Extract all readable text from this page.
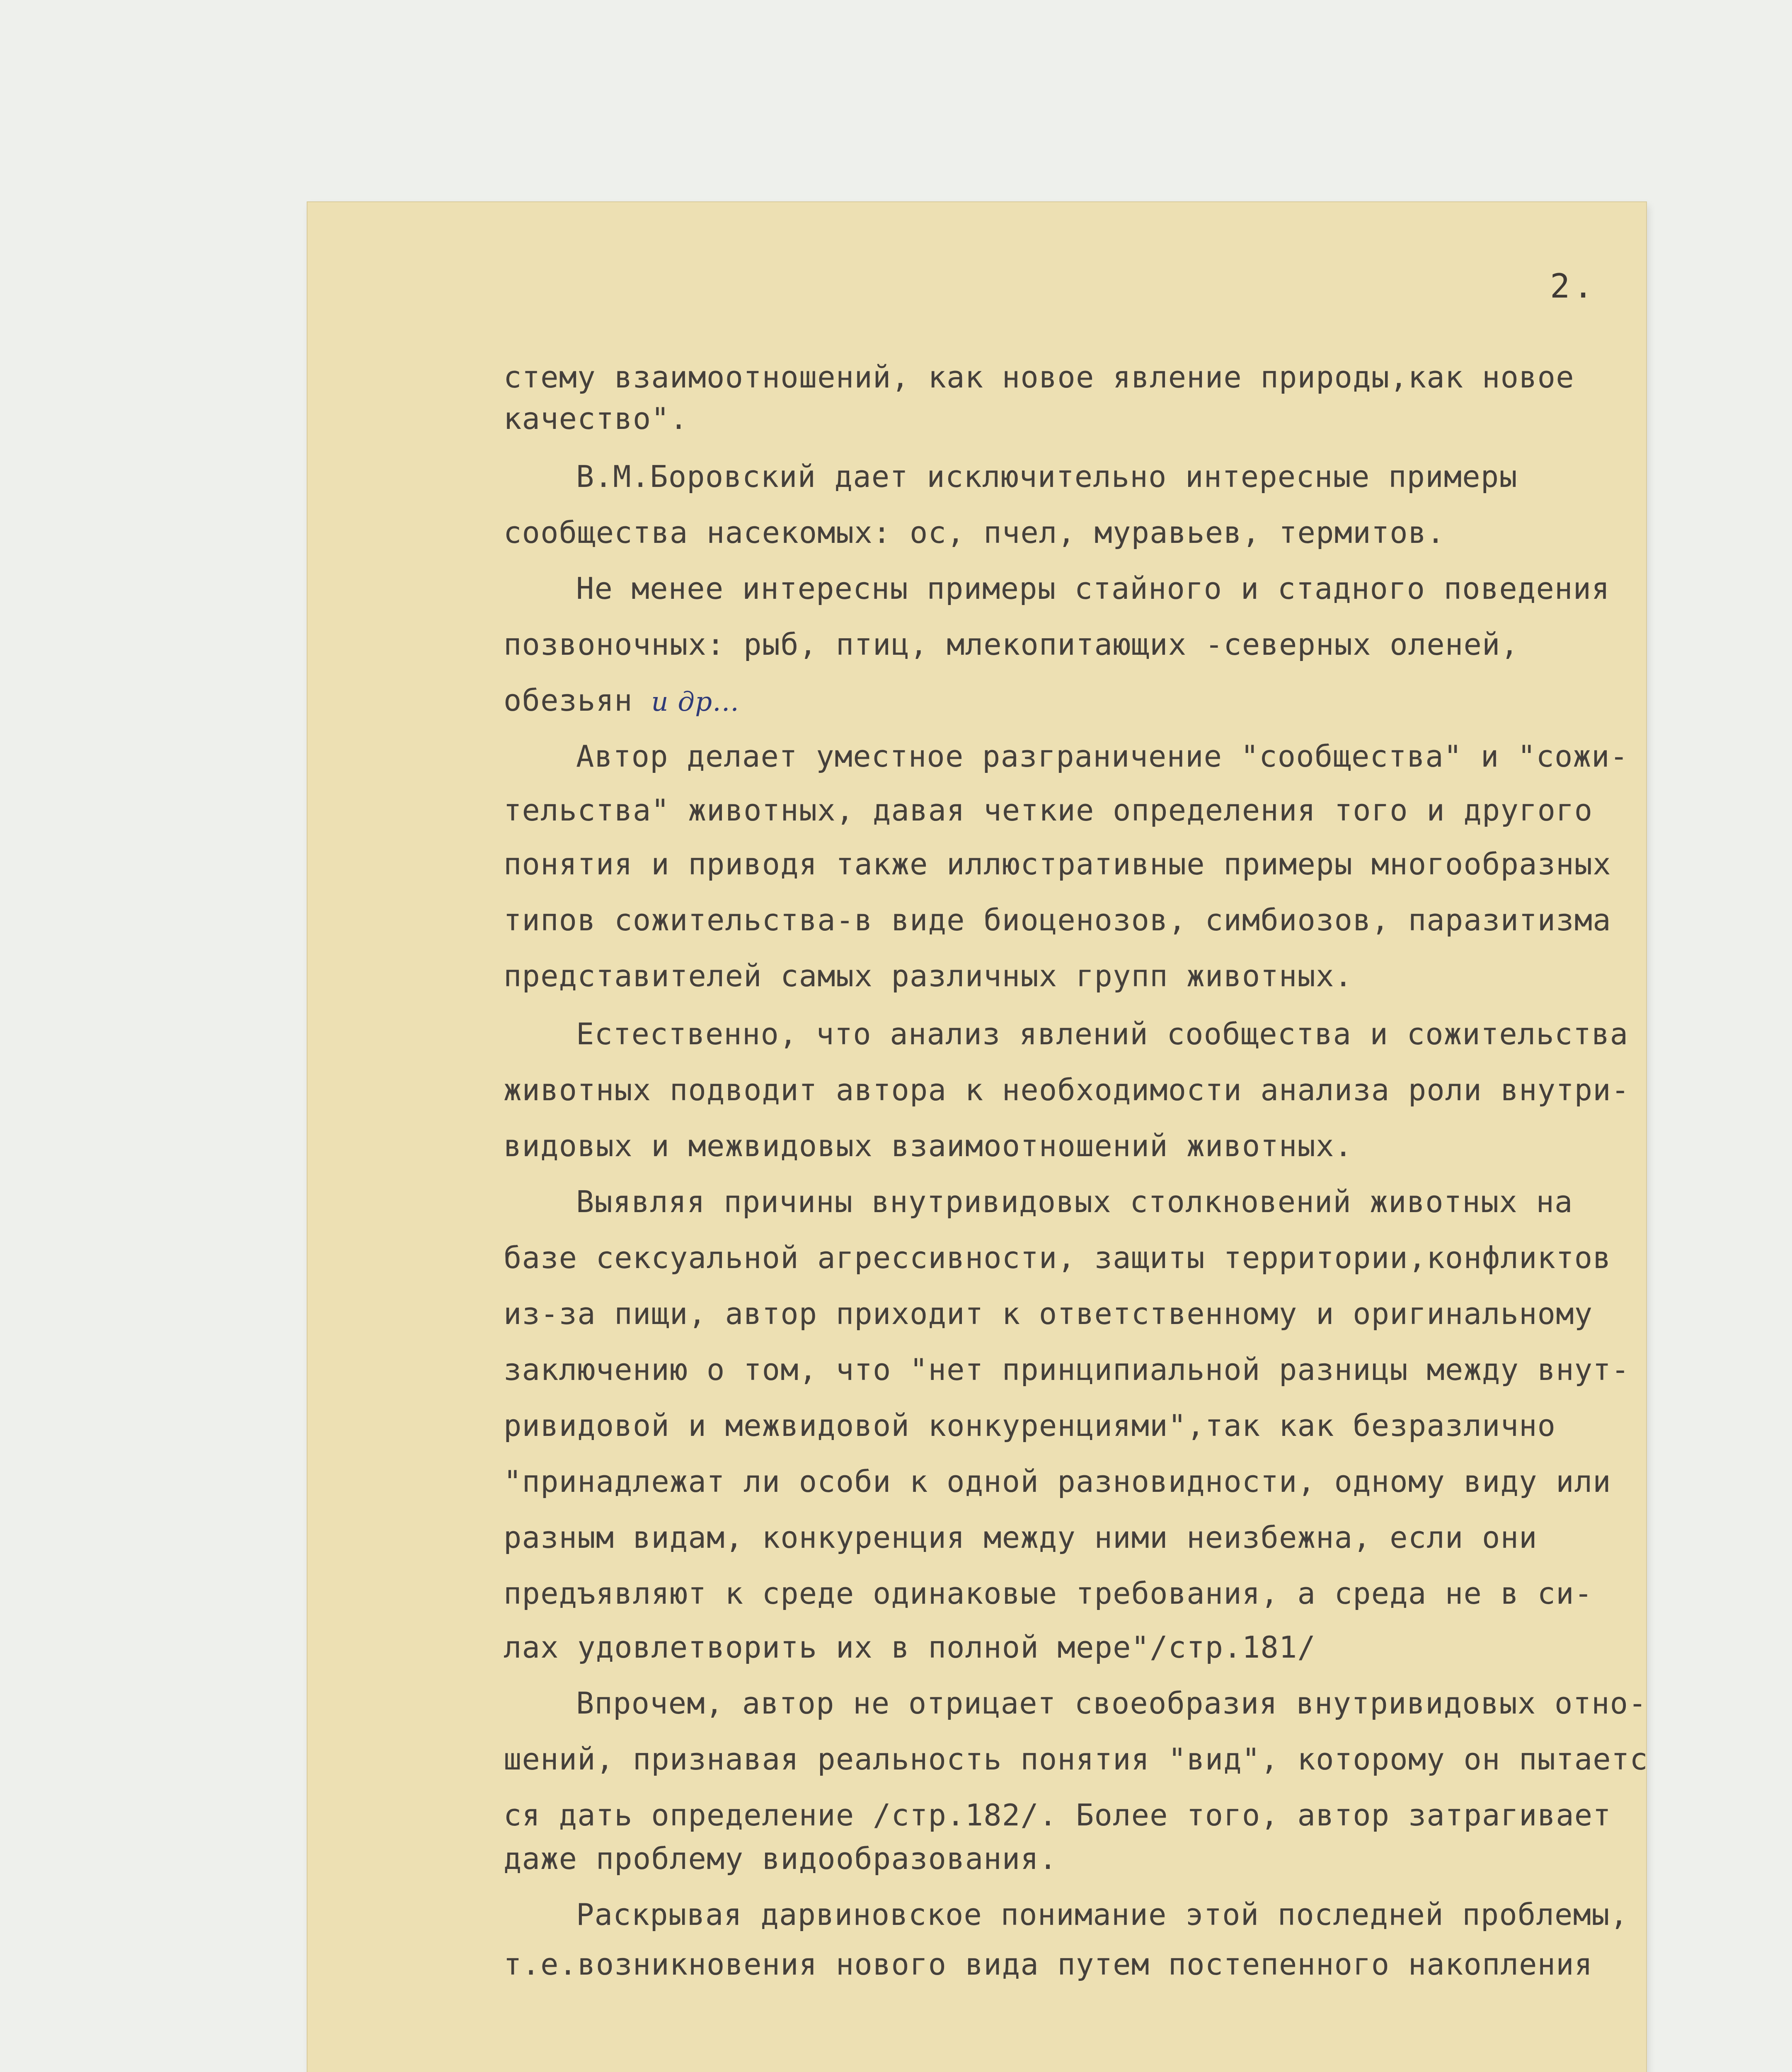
2.
стему взаимоотношений, как новое явление природы,как новое
качество".
В.М.Боровский дает исключительно интересные примеры
сообщества насекомых: ос, пчел, муравьев, термитов.
Не менее интересны примеры стайного и стадного поведения
позвоночных: рыб, птиц, млекопитающих -северных оленей,
обезьян и др...
Автор делает уместное разграничение "сообщества" и "сожи-
тельства" животных, давая четкие определения того и другого
понятия и приводя также иллюстративные примеры многообразных
типов сожительства-в виде биоценозов, симбиозов, паразитизма
представителей самых различных групп животных.
Естественно, что анализ явлений сообщества и сожительства
животных подводит автора к необходимости анализа роли внутри-
видовых и межвидовых взаимоотношений животных.
Выявляя причины внутривидовых столкновений животных на
базе сексуальной агрессивности, защиты территории,конфликтов
из-за пищи, автор приходит к ответственному и оригинальному
заключению о том, что "нет принципиальной разницы между внут-
ривидовой и межвидовой конкуренциями",так как безразлично
"принадлежат ли особи к одной разновидности, одному виду или
разным видам, конкуренция между ними неизбежна, если они
предъявляют к среде одинаковые требования, а среда не в си-
лах удовлетворить их в полной мере"/стр.181/
Впрочем, автор не отрицает своеобразия внутривидовых отно-
шений, признавая реальность понятия "вид", которому он пытаетс
ся дать определение /стр.182/. Более того, автор затрагивает
даже проблему видообразования.
Раскрывая дарвиновское понимание этой последней проблемы,
т.е.возникновения нового вида путем постепенного накопления
